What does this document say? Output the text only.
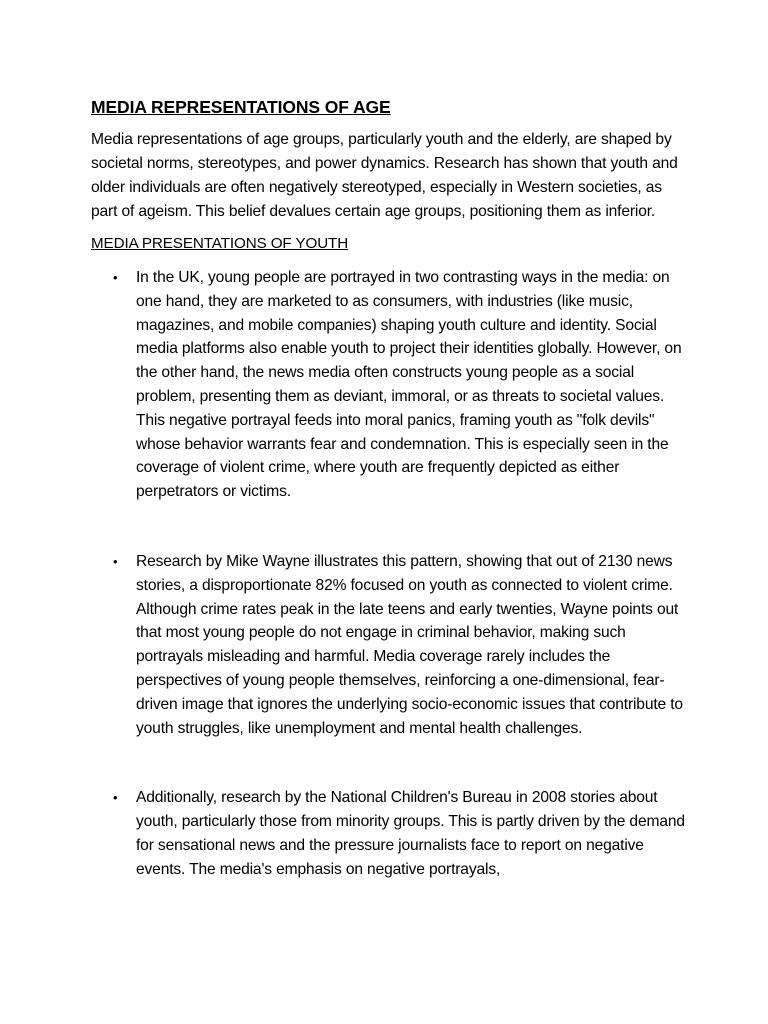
MEDIA REPRESENTATIONS OF AGE

Media representations of age groups, particularly youth and the elderly, are shaped by societal norms, stereotypes, and power dynamics. Research has shown that youth and older individuals are often negatively stereotyped, especially in Western societies, as part of ageism. This belief devalues certain age groups, positioning them as inferior.

MEDIA PRESENTATIONS OF YOUTH
• In the UK, young people are portrayed in two contrasting ways in the media: on one hand, they are marketed to as consumers, with industries (like music, magazines, and mobile companies) shaping youth culture and identity. Social media platforms also enable youth to project their identities globally. However, on the other hand, the news media often constructs young people as a social problem, presenting them as deviant, immoral, or as threats to societal values. This negative portrayal feeds into moral panics, framing youth as "folk devils" whose behavior warrants fear and condemnation. This is especially seen in the coverage of violent crime, where youth are frequently depicted as either perpetrators or victims.
• Research by Mike Wayne illustrates this pattern, showing that out of 2130 news stories, a disproportionate 82% focused on youth as connected to violent crime. Although crime rates peak in the late teens and early twenties, Wayne points out that most young people do not engage in criminal behavior, making such portrayals misleading and harmful. Media coverage rarely includes the perspectives of young people themselves, reinforcing a one-dimensional, fear-driven image that ignores the underlying socio-economic issues that contribute to youth struggles, like unemployment and mental health challenges.
• Additionally, research by the National Children's Bureau in 2008 stories about youth, particularly those from minority groups. This is partly driven by the demand for sensational news and the pressure journalists face to report on negative events. The media's emphasis on negative portrayals,
